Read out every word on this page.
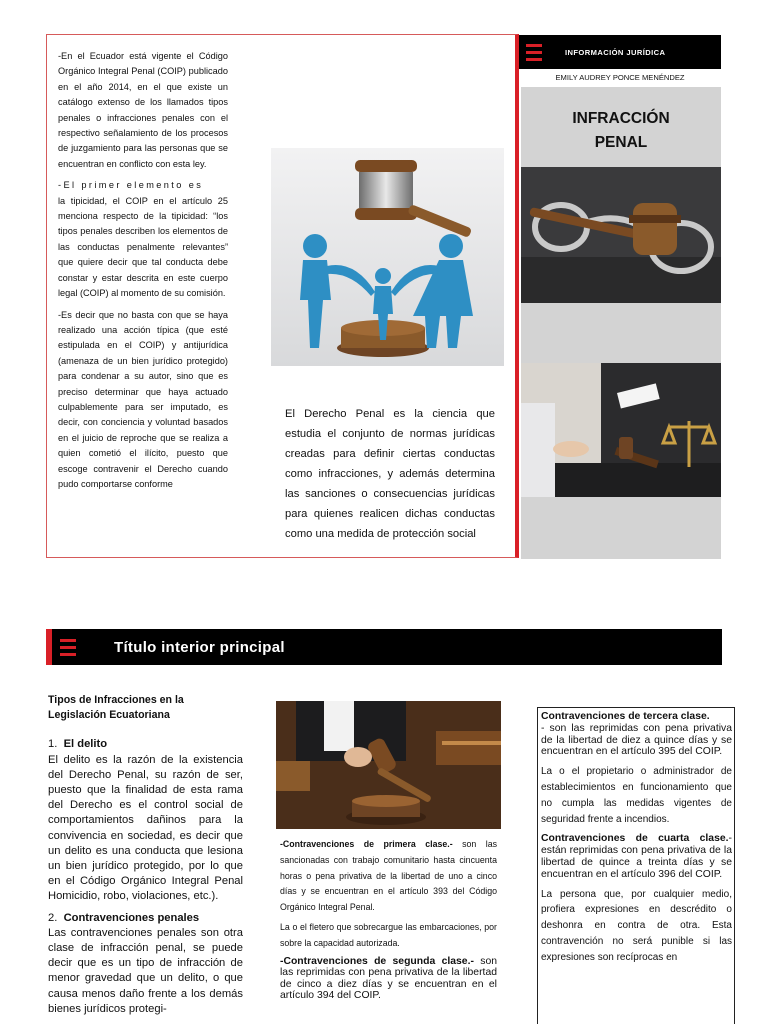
-En el Ecuador está vigente el Código Orgánico Integral Penal (COIP) publicado en el año 2014, en el que existe un catálogo extenso de los llamados tipos penales o infracciones penales con el respectivo señalamiento de los procesos de juzgamiento para las personas que se encuentran en conflicto con esta ley.

-El primer elemento es

la tipicidad, el COIP en el artículo 25 menciona respecto de la tipicidad: “los tipos penales describen los elementos de las conductas penalmente relevantes” que quiere decir que tal conducta debe constar y estar descrita en este cuerpo legal (COIP) al momento de su comisión.

-Es decir que no basta con que se haya realizado una acción típica (que esté estipulada en el COIP) y antijurídica (amenaza de un bien jurídico protegido) para condenar a su autor, sino que es preciso determinar que haya actuado culpablemente para ser imputado, es decir, con conciencia y voluntad basados en el juicio de reproche que se realiza a quien cometió el ilícito, puesto que escoge contravenir el Derecho cuando pudo comportarse conforme

El Derecho Penal es la ciencia que estudia el conjunto de normas jurídicas creadas para definir ciertas conductas como infracciones, y además determina las sanciones o consecuencias jurídicas para quienes realicen dichas conductas como una medida de protección social
INFORMACIÓN JURÍDICA
EMILY AUDREY PONCE MENÉNDEZ
INFRACCIÓN
PENAL
Título interior principal
Tipos de Infracciones en la Legislación Ecuatoriana
1. El delito

El delito es la razón de la existencia del Derecho Penal, su razón de ser, puesto que la finalidad de esta rama del Derecho es el control social de comportamientos dañinos para la convivencia en sociedad, es decir que un delito es una conducta que lesiona un bien jurídico protegido, por lo que en el Código Orgánico Integral Penal Homicidio, robo, violaciones, etc.).

2. Contravenciones penales

Las contravenciones penales son otra clase de infracción penal, se puede decir que es un tipo de infracción de menor gravedad que un delito, o que causa menos daño frente a los demás bienes jurídicos protegi-

-Contravenciones de primera clase.- son las sancionadas con trabajo comunitario hasta cincuenta horas o pena privativa de la libertad de uno a cinco días y se encuentran en el artículo 393 del Código Orgánico Integral Penal.

La o el fletero que sobrecargue las embarcaciones, por sobre la capacidad autorizada.

-Contravenciones de segunda clase.- son las reprimidas con pena privativa de la libertad de cinco a diez días y se encuentran en el artículo 394 del COIP.

Contravenciones de tercera clase.
- son las reprimidas con pena privativa de la libertad de diez a quince días y se encuentran en el artículo 395 del COIP.

La o el propietario o administrador de establecimientos en funcionamiento que no cumpla las medidas vigentes de seguridad frente a incendios.

Contravenciones de cuarta clase.- están reprimidas con pena privativa de la libertad de quince a treinta días y se encuentran en el artículo 396 del COIP.

La persona que, por cualquier medio, profiera expresiones en descrédito o deshonra en contra de otra. Esta contravención no será punible si las expresiones son recíprocas en
